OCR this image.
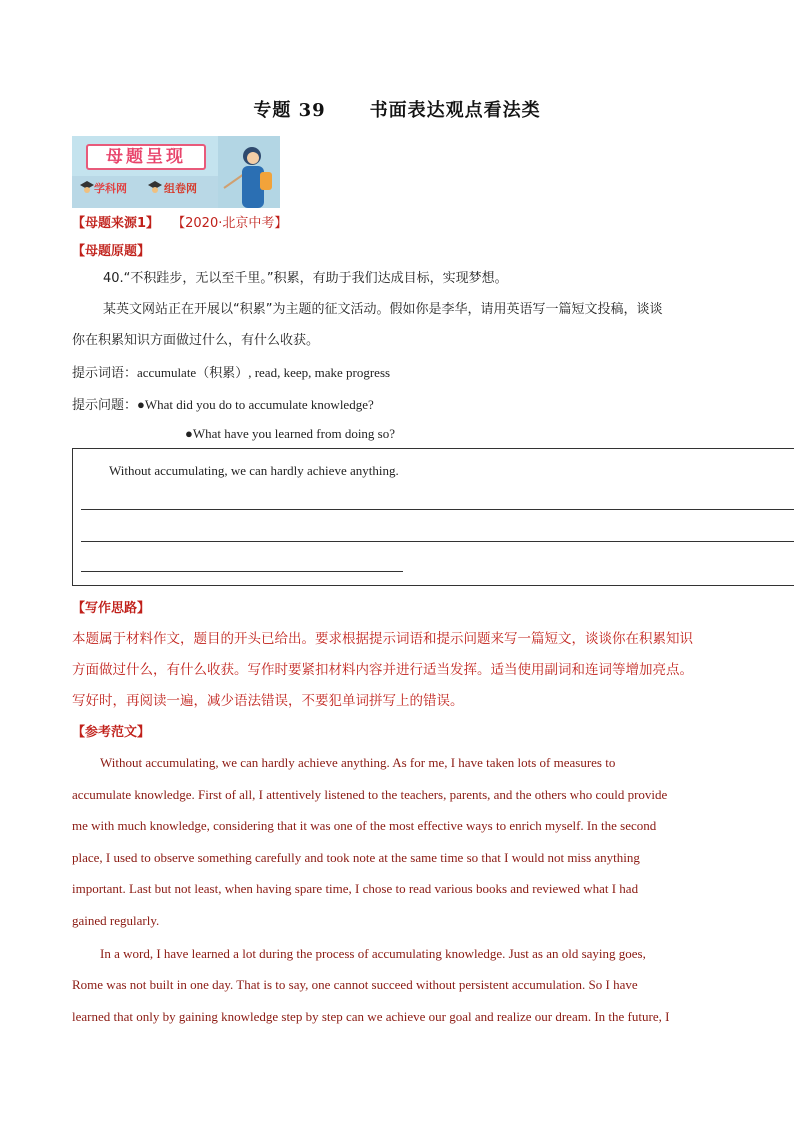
专题 39 书面表达观点看法类
母题呈现
学科网	组卷网
【母题来源1】 【2020·北京中考】
【母题原题】
40.“不积跬步，无以至千里。”积累，有助于我们达成目标，实现梦想。
某英文网站正在开展以“积累”为主题的征文活动。假如你是李华，请用英语写一篇短文投稿，谈谈
你在积累知识方面做过什么，有什么收获。
提示词语：accumulate（积累）, read, keep, make progress
提示问题：●What did you do to accumulate knowledge?
●What have you learned from doing so?
Without accumulating, we can hardly achieve anything.
【写作思路】
本题属于材料作文，题目的开头已给出。要求根据提示词语和提示问题来写一篇短文，谈谈你在积累知识
方面做过什么，有什么收获。写作时要紧扣材料内容并进行适当发挥。适当使用副词和连词等增加亮点。
写好时，再阅读一遍，减少语法错误，不要犯单词拼写上的错误。
【参考范文】
Without accumulating, we can hardly achieve anything. As for me, I have taken lots of measures to
accumulate knowledge. First of all, I attentively listened to the teachers, parents, and the others who could provide
me with much knowledge, considering that it was one of the most effective ways to enrich myself. In the second
place, I used to observe something carefully and took note at the same time so that I would not miss anything
important. Last but not least, when having spare time, I chose to read various books and reviewed what I had
gained regularly.
In a word, I have learned a lot during the process of accumulating knowledge. Just as an old saying goes,
Rome was not built in one day. That is to say, one cannot succeed without persistent accumulation. So I have
learned that only by gaining knowledge step by step can we achieve our goal and realize our dream. In the future, I
